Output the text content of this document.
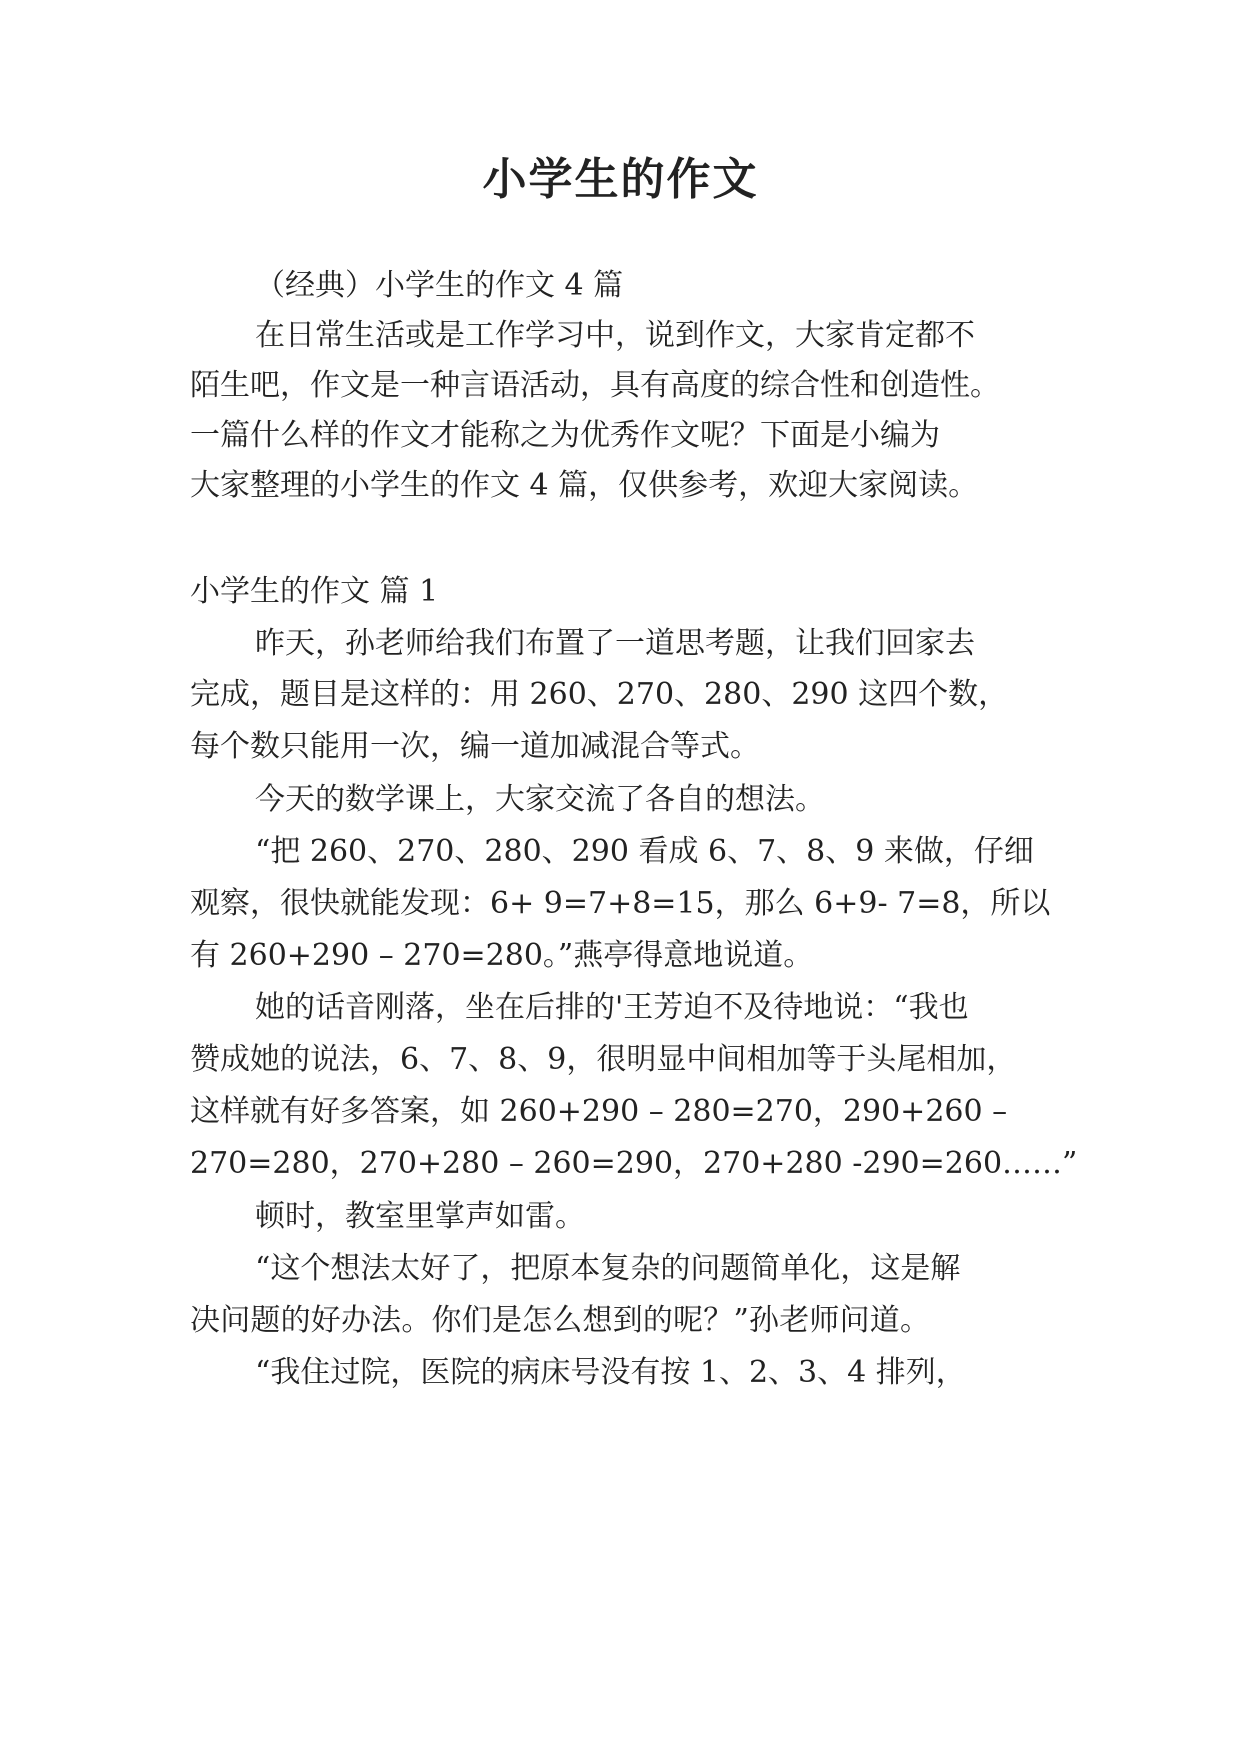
小学生的作文
（经典）小学生的作文 4 篇
在日常生活或是工作学习中，说到作文，大家肯定都不
陌生吧，作文是一种言语活动，具有高度的综合性和创造性。
一篇什么样的作文才能称之为优秀作文呢？下面是小编为
大家整理的小学生的作文 4 篇，仅供参考，欢迎大家阅读。
小学生的作文 篇 1
昨天，孙老师给我们布置了一道思考题，让我们回家去
完成，题目是这样的：用 260、270、280、290 这四个数，
每个数只能用一次，编一道加减混合等式。
今天的数学课上，大家交流了各自的想法。
“把 260、270、280、290 看成 6、7、8、9 来做，仔细
观察，很快就能发现：6+ 9=7+8=15，那么 6+9- 7=8，所以
有 260+290 – 270=280。”燕亭得意地说道。
她的话音刚落，坐在后排的'王芳迫不及待地说：“我也
赞成她的说法，6、7、8、9，很明显中间相加等于头尾相加，
这样就有好多答案，如 260+290 – 280=270，290+260 –
270=280，270+280 – 260=290，270+280 -290=260……”
顿时，教室里掌声如雷。
“这个想法太好了，把原本复杂的问题简单化，这是解
决问题的好办法。你们是怎么想到的呢？”孙老师问道。
“我住过院，医院的病床号没有按 1、2、3、4 排列，
